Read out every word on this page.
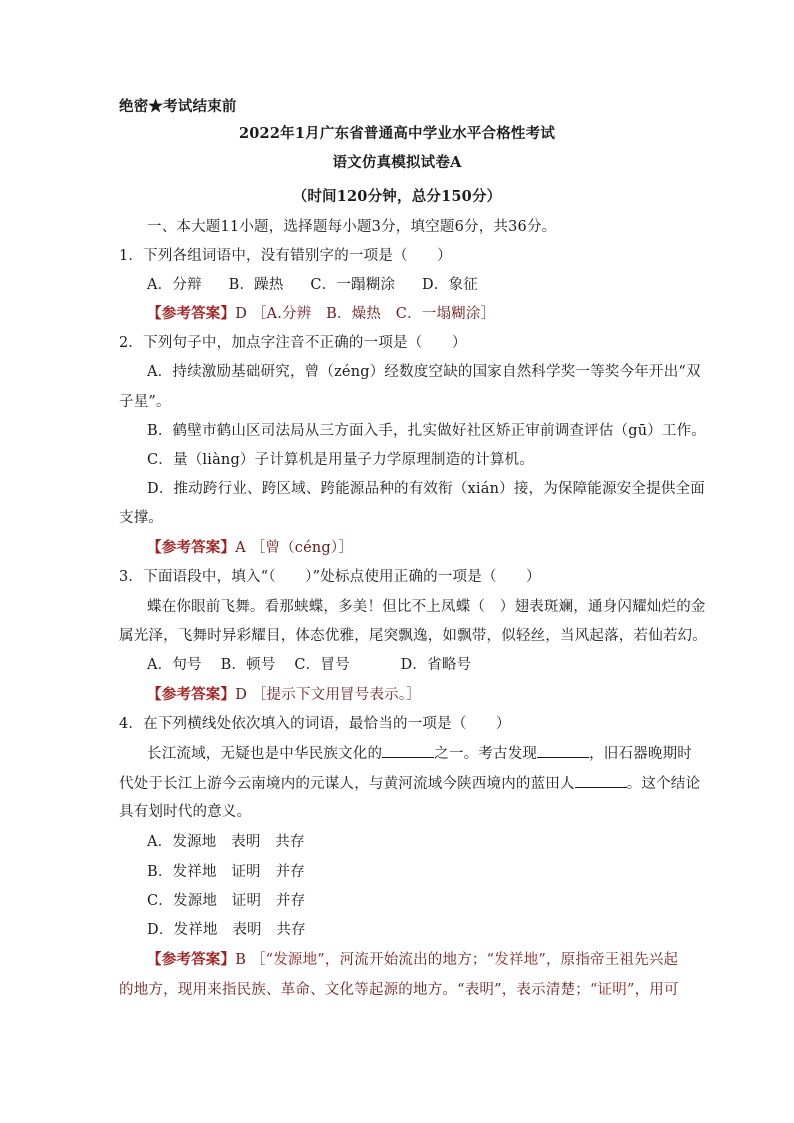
绝密★考试结束前
2022年1月广东省普通高中学业水平合格性考试
语文仿真模拟试卷A
（时间120分钟，总分150分）
一、本大题11小题，选择题每小题3分，填空题6分，共36分。
1．下列各组词语中，没有错别字的一项是（　　）
A．分辩 B．躁热 C．一蹋糊涂 D．象征
【参考答案】D ［A.分辨　B．燥热　C．一塌糊涂］
2．下列句子中，加点字注音不正确的一项是（　　）
A．持续激励基础研究，曾（zéng）经数度空缺的国家自然科学奖一等奖今年开出“双
子星”。
B．鹤壁市鹤山区司法局从三方面入手，扎实做好社区矫正审前调查评估（gū）工作。
C．量（liàng）子计算机是用量子力学原理制造的计算机。
D．推动跨行业、跨区域、跨能源品种的有效衔（xián）接，为保障能源安全提供全面
支撑。
【参考答案】A ［曾（céng）］
3．下面语段中，填入“（　　）”处标点使用正确的一项是（　　）
蝶在你眼前飞舞。看那蛱蝶，多美！但比不上凤蝶（　）翅表斑斓，通身闪耀灿烂的金
属光泽，飞舞时异彩耀目，体态优雅，尾突飘逸，如飘带，似轻丝，当风起落，若仙若幻。
A．句号 B．顿号 C．冒号	D．省略号
【参考答案】D ［提示下文用冒号表示。］
4．在下列横线处依次填入的词语，最恰当的一项是（　　）
长江流域，无疑也是中华民族文化的	之一。考古发现	，旧石器晚期时
代处于长江上游今云南境内的元谋人，与黄河流域今陕西境内的蓝田人	。这个结论
具有划时代的意义。
A．发源地　表明　共存
B．发祥地　证明　并存
C．发源地　证明　并存
D．发祥地　表明　共存
【参考答案】B ［“发源地”，河流开始流出的地方；“发祥地”，原指帝王祖先兴起
的地方，现用来指民族、革命、文化等起源的地方。“表明”，表示清楚；“证明”，用可
